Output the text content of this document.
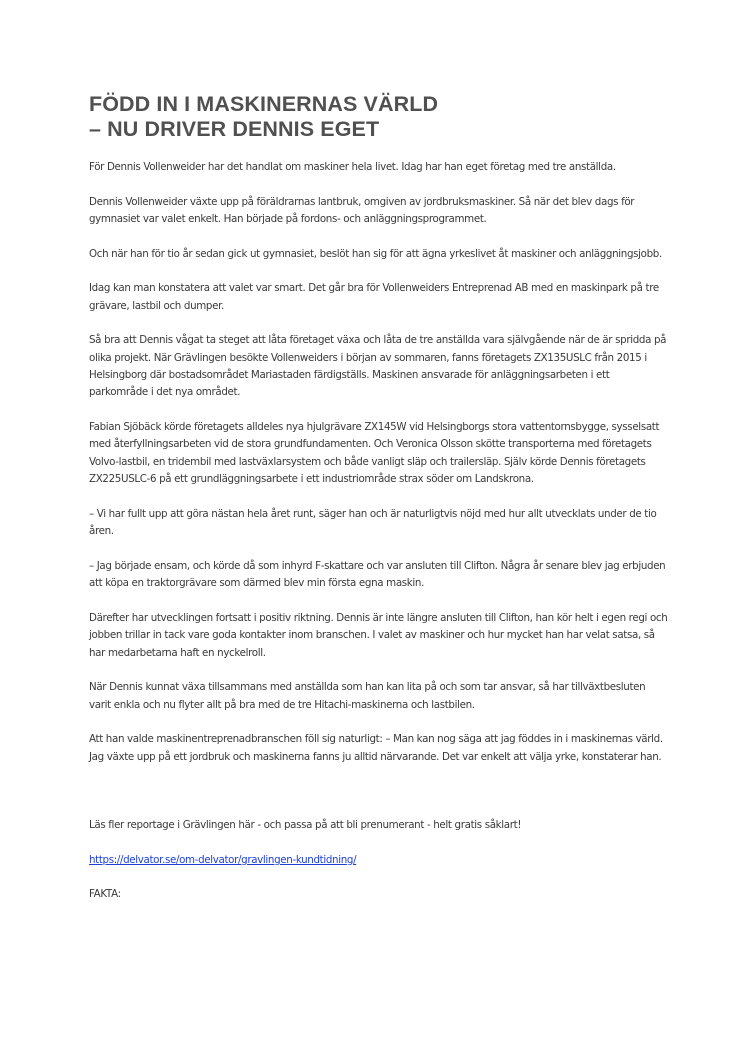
FÖDD IN I MASKINERNAS VÄRLD
– NU DRIVER DENNIS EGET

För Dennis Vollenweider har det handlat om maskiner hela livet. Idag har han eget företag med tre anställda.

Dennis Vollenweider växte upp på föräldrarnas lantbruk, omgiven av jordbruksmaskiner. Så när det blev dags för gymnasiet var valet enkelt. Han började på fordons- och anläggningsprogrammet.

Och när han för tio år sedan gick ut gymnasiet, beslöt han sig för att ägna yrkeslivet åt maskiner och anläggningsjobb.

Idag kan man konstatera att valet var smart. Det går bra för Vollenweiders Entreprenad AB med en maskinpark på tre grävare, lastbil och dumper.

Så bra att Dennis vågat ta steget att låta företaget växa och låta de tre anställda vara självgående när de är spridda på olika projekt. När Grävlingen besökte Vollenweiders i början av sommaren, fanns företagets ZX135USLC från 2015 i Helsingborg där bostadsområdet Mariastaden färdigställs. Maskinen ansvarade för anläggningsarbeten i ett parkområde i det nya området.

Fabian Sjöbäck körde företagets alldeles nya hjulgrävare ZX145W vid Helsingborgs stora vattentornsbygge, sysselsatt med återfyllningsarbeten vid de stora grundfundamenten. Och Veronica Olsson skötte transporterna med företagets Volvo-lastbil, en tridembil med lastväxlarsystem och både vanligt släp och trailersläp. Själv körde Dennis företagets ZX225USLC-6 på ett grundläggningsarbete i ett industriområde strax söder om Landskrona.

– Vi har fullt upp att göra nästan hela året runt, säger han och är naturligtvis nöjd med hur allt utvecklats under de tio åren.

– Jag började ensam, och körde då som inhyrd F-skattare och var ansluten till Clifton. Några år senare blev jag erbjuden att köpa en traktorgrävare som därmed blev min första egna maskin.

Därefter har utvecklingen fortsatt i positiv riktning. Dennis är inte längre ansluten till Clifton, han kör helt i egen regi och jobben trillar in tack vare goda kontakter inom branschen. I valet av maskiner och hur mycket han har velat satsa, så har medarbetarna haft en nyckelroll.

När Dennis kunnat växa tillsammans med anställda som han kan lita på och som tar ansvar, så har tillväxtbesluten varit enkla och nu flyter allt på bra med de tre Hitachi-maskinerna och lastbilen.

Att han valde maskinentreprenadbranschen föll sig naturligt: – Man kan nog säga att jag föddes in i maskinernas värld. Jag växte upp på ett jordbruk och maskinerna fanns ju alltid närvarande. Det var enkelt att välja yrke, konstaterar han.

Läs fler reportage i Grävlingen här - och passa på att bli prenumerant - helt gratis såklart!

https://delvator.se/om-delvator/gravlingen-kundtidning/

FAKTA:
